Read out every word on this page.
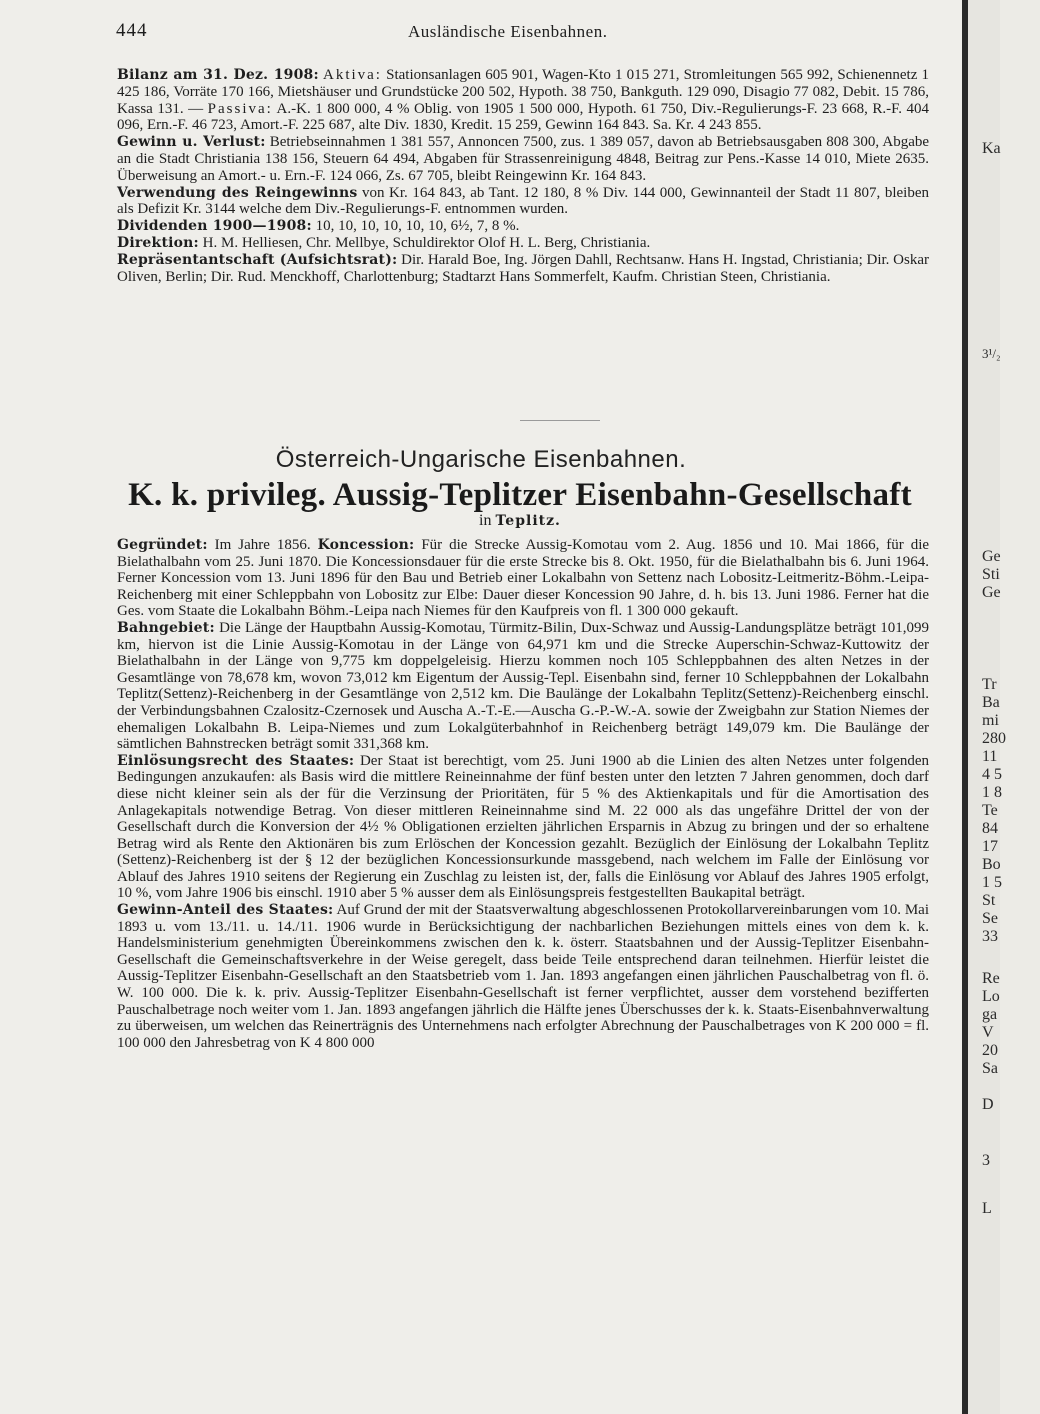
444	Ausländische Eisenbahnen.

Bilanz am 31. Dez. 1908: Aktiva: Stationsanlagen 605 901, Wagen-Kto 1 015 271, Stromleitungen 565 992, Schienennetz 1 425 186, Vorräte 170 166, Mietshäuser und Grundstücke 200 502, Hypoth. 38 750, Bankguth. 129 090, Disagio 77 082, Debit. 15 786, Kassa 131. — Passiva: A.-K. 1 800 000, 4 % Oblig. von 1905 1 500 000, Hypoth. 61 750, Div.-Regulierungs-F. 23 668, R.-F. 404 096, Ern.-F. 46 723, Amort.-F. 225 687, alte Div. 1830, Kredit. 15 259, Gewinn 164 843. Sa. Kr. 4 243 855.

Gewinn u. Verlust: Betriebseinnahmen 1 381 557, Annoncen 7500, zus. 1 389 057, davon ab Betriebsausgaben 808 300, Abgabe an die Stadt Christiania 138 156, Steuern 64 494, Abgaben für Strassenreinigung 4848, Beitrag zur Pens.-Kasse 14 010, Miete 2635. Überweisung an Amort.- u. Ern.-F. 124 066, Zs. 67 705, bleibt Reingewinn Kr. 164 843.

Verwendung des Reingewinns von Kr. 164 843, ab Tant. 12 180, 8 % Div. 144 000, Gewinnanteil der Stadt 11 807, bleiben als Defizit Kr. 3144 welche dem Div.-Regulierungs-F. entnommen wurden.

Dividenden 1900—1908: 10, 10, 10, 10, 10, 10, 6½, 7, 8 %.

Direktion: H. M. Helliesen, Chr. Mellbye, Schuldirektor Olof H. L. Berg, Christiania.

Repräsentantschaft (Aufsichtsrat): Dir. Harald Boe, Ing. Jörgen Dahll, Rechtsanw. Hans H. Ingstad, Christiania; Dir. Oskar Oliven, Berlin; Dir. Rud. Menckhoff, Charlottenburg; Stadtarzt Hans Sommerfelt, Kaufm. Christian Steen, Christiania.

Österreich-Ungarische Eisenbahnen.
K. k. privileg. Aussig-Teplitzer Eisenbahn-Gesellschaft
in Teplitz.

Gegründet: Im Jahre 1856. Koncession: Für die Strecke Aussig-Komotau vom 2. Aug. 1856 und 10. Mai 1866, für die Bielathalbahn vom 25. Juni 1870. Die Koncessionsdauer für die erste Strecke bis 8. Okt. 1950, für die Bielathalbahn bis 6. Juni 1964. Ferner Koncession vom 13. Juni 1896 für den Bau und Betrieb einer Lokalbahn von Settenz nach Lobositz-Leitmeritz-Böhm.-Leipa-Reichenberg mit einer Schleppbahn von Lobositz zur Elbe: Dauer dieser Koncession 90 Jahre, d. h. bis 13. Juni 1986. Ferner hat die Ges. vom Staate die Lokalbahn Böhm.-Leipa nach Niemes für den Kaufpreis von fl. 1 300 000 gekauft.

Bahngebiet: Die Länge der Hauptbahn Aussig-Komotau, Türmitz-Bilin, Dux-Schwaz und Aussig-Landungsplätze beträgt 101,099 km, hiervon ist die Linie Aussig-Komotau in der Länge von 64,971 km und die Strecke Auperschin-Schwaz-Kuttowitz der Bielathalbahn in der Länge von 9,775 km doppelgeleisig. Hierzu kommen noch 105 Schleppbahnen des alten Netzes in der Gesamtlänge von 78,678 km, wovon 73,012 km Eigentum der Aussig-Tepl. Eisenbahn sind, ferner 10 Schleppbahnen der Lokalbahn Teplitz(Settenz)-Reichenberg in der Gesamtlänge von 2,512 km. Die Baulänge der Lokalbahn Teplitz(Settenz)-Reichenberg einschl. der Verbindungsbahnen Czalositz-Czernosek und Auscha A.-T.-E.—Auscha G.-P.-W.-A. sowie der Zweigbahn zur Station Niemes der ehemaligen Lokalbahn B. Leipa-Niemes und zum Lokalgüterbahnhof in Reichenberg beträgt 149,079 km. Die Baulänge der sämtlichen Bahnstrecken beträgt somit 331,368 km.

Einlösungsrecht des Staates: Der Staat ist berechtigt, vom 25. Juni 1900 ab die Linien des alten Netzes unter folgenden Bedingungen anzukaufen: als Basis wird die mittlere Reineinnahme der fünf besten unter den letzten 7 Jahren genommen, doch darf diese nicht kleiner sein als der für die Verzinsung der Prioritäten, für 5 % des Aktienkapitals und für die Amortisation des Anlagekapitals notwendige Betrag. Von dieser mittleren Reineinnahme sind M. 22 000 als das ungefähre Drittel der von der Gesellschaft durch die Konversion der 4½ % Obligationen erzielten jährlichen Ersparnis in Abzug zu bringen und der so erhaltene Betrag wird als Rente den Aktionären bis zum Erlöschen der Koncession gezahlt. Bezüglich der Einlösung der Lokalbahn Teplitz (Settenz)-Reichenberg ist der § 12 der bezüglichen Koncessionsurkunde massgebend, nach welchem im Falle der Einlösung vor Ablauf des Jahres 1910 seitens der Regierung ein Zuschlag zu leisten ist, der, falls die Einlösung vor Ablauf des Jahres 1905 erfolgt, 10 %, vom Jahre 1906 bis einschl. 1910 aber 5 % ausser dem als Einlösungspreis festgestellten Baukapital beträgt.

Gewinn-Anteil des Staates: Auf Grund der mit der Staatsverwaltung abgeschlossenen Protokollarvereinbarungen vom 10. Mai 1893 u. vom 13./11. u. 14./11. 1906 wurde in Berücksichtigung der nachbarlichen Beziehungen mittels eines von dem k. k. Handelsministerium genehmigten Übereinkommens zwischen den k. k. österr. Staatsbahnen und der Aussig-Teplitzer Eisenbahn-Gesellschaft die Gemeinschaftsverkehre in der Weise geregelt, dass beide Teile entsprechend daran teilnehmen. Hierfür leistet die Aussig-Teplitzer Eisenbahn-Gesellschaft an den Staatsbetrieb vom 1. Jan. 1893 angefangen einen jährlichen Pauschalbetrag von fl. ö. W. 100 000. Die k. k. priv. Aussig-Teplitzer Eisenbahn-Gesellschaft ist ferner verpflichtet, ausser dem vorstehend bezifferten Pauschalbetrage noch weiter vom 1. Jan. 1893 angefangen jährlich die Hälfte jenes Überschusses der k. k. Staats-Eisenbahnverwaltung zu überweisen, um welchen das Reinerträgnis des Unternehmens nach erfolgter Abrechnung der Pauschalbetrages von K 200 000 = fl. 100 000 den Jahresbetrag von K 4 800 000

Ka
3¹/₂
Ge
Sti
Ge
Tr
Ba
mi
280
11
4 5
1 8
Te
84
17
Bo
1 5
St
Se
33
Re
Lo
ga
V
20
Sa
D
3
L
